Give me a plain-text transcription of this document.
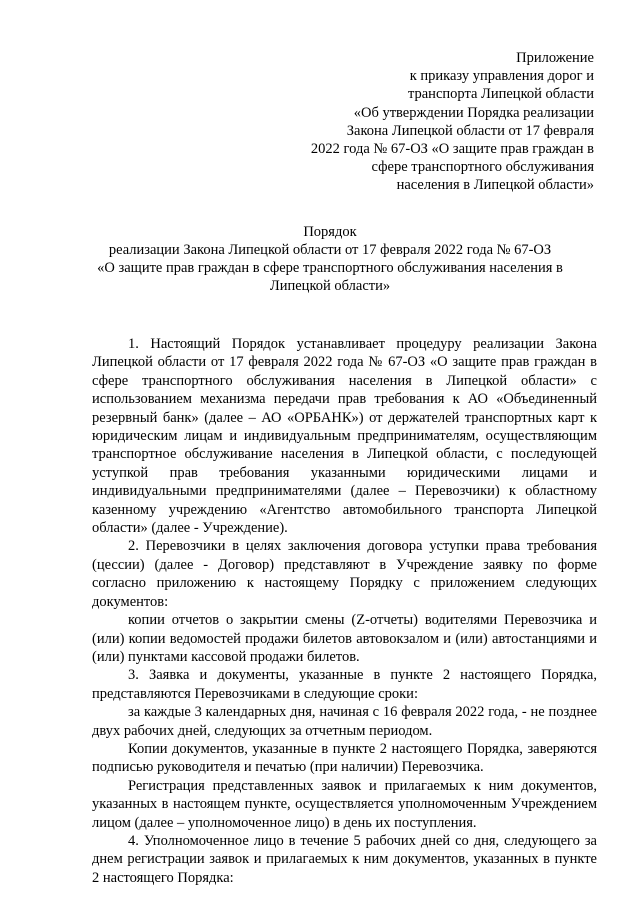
Приложение
к приказу управления дорог и
транспорта Липецкой области
«Об утверждении Порядка реализации
Закона Липецкой области от 17 февраля
2022 года № 67-ОЗ «О защите прав граждан в
сфере транспортного обслуживания
населения в Липецкой области»
Порядок
реализации Закона Липецкой области от 17 февраля 2022 года № 67-ОЗ
«О защите прав граждан в сфере транспортного обслуживания населения в
Липецкой области»

1. Настоящий Порядок устанавливает процедуру реализации Закона Липецкой области от 17 февраля 2022 года № 67-ОЗ «О защите прав граждан в сфере транспортного обслуживания населения в Липецкой области» с использованием механизма передачи прав требования к АО «Объединенный резервный банк» (далее – АО «ОРБАНК») от держателей транспортных карт к юридическим лицам и индивидуальным предпринимателям, осуществляющим транспортное обслуживание населения в Липецкой области, с последующей уступкой прав требования указанными юридическими лицами и индивидуальными предпринимателями (далее – Перевозчики) к областному казенному учреждению «Агентство автомобильного транспорта Липецкой области» (далее - Учреждение).

2. Перевозчики в целях заключения договора уступки права требования (цессии) (далее - Договор) представляют в Учреждение заявку по форме согласно приложению к настоящему Порядку с приложением следующих документов:

копии отчетов о закрытии смены (Z-отчеты) водителями Перевозчика и (или) копии ведомостей продажи билетов автовокзалом и (или) автостанциями и (или) пунктами кассовой продажи билетов.

3. Заявка и документы, указанные в пункте 2 настоящего Порядка, представляются Перевозчиками в следующие сроки:

за каждые 3 календарных дня, начиная с 16 февраля 2022 года, - не позднее двух рабочих дней, следующих за отчетным периодом.

Копии документов, указанные в пункте 2 настоящего Порядка, заверяются подписью руководителя и печатью (при наличии) Перевозчика.

Регистрация представленных заявок и прилагаемых к ним документов, указанных в настоящем пункте, осуществляется уполномоченным Учреждением лицом (далее – уполномоченное лицо) в день их поступления.

4. Уполномоченное лицо в течение 5 рабочих дней со дня, следующего за днем регистрации заявок и прилагаемых к ним документов, указанных в пункте 2 настоящего Порядка:
